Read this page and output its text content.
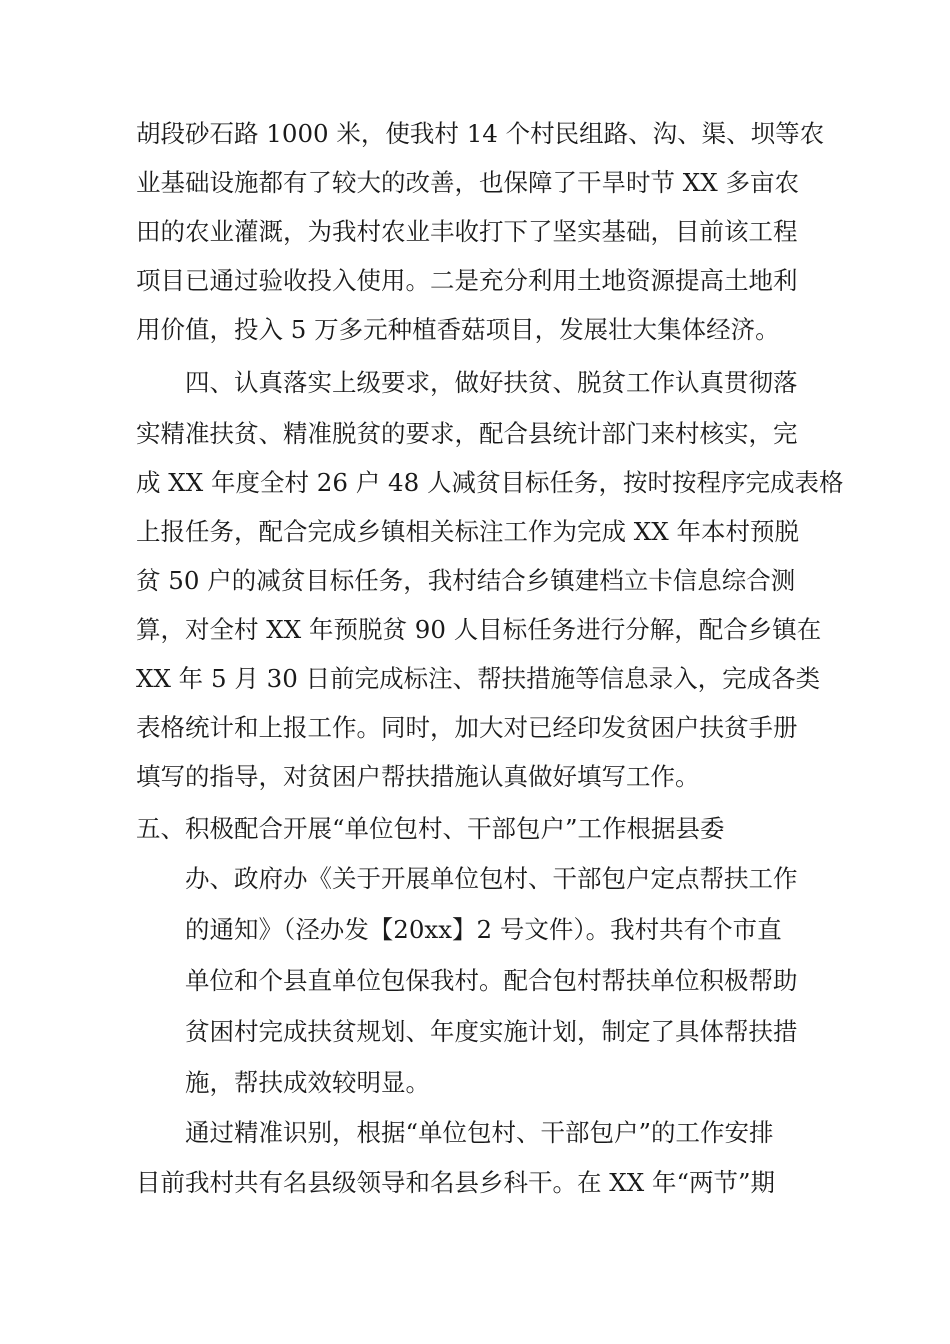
胡段砂石路 1000 米，使我村 14 个村民组路、沟、渠、坝等农
业基础设施都有了较大的改善，也保障了干旱时节 XX 多亩农
田的农业灌溉，为我村农业丰收打下了坚实基础，目前该工程
项目已通过验收投入使用。二是充分利用土地资源提高土地利
用价值，投入 5 万多元种植香菇项目，发展壮大集体经济。
四、认真落实上级要求，做好扶贫、脱贫工作认真贯彻落
实精准扶贫、精准脱贫的要求，配合县统计部门来村核实，完
成 XX 年度全村 26 户 48 人减贫目标任务，按时按程序完成表格
上报任务，配合完成乡镇相关标注工作为完成 XX 年本村预脱
贫 50 户的减贫目标任务，我村结合乡镇建档立卡信息综合测
算，对全村 XX 年预脱贫 90 人目标任务进行分解，配合乡镇在
XX 年 5 月 30 日前完成标注、帮扶措施等信息录入，完成各类
表格统计和上报工作。同时，加大对已经印发贫困户扶贫手册
填写的指导，对贫困户帮扶措施认真做好填写工作。
五、积极配合开展“单位包村、干部包户”工作根据县委
办、政府办《关于开展单位包村、干部包户定点帮扶工作
的通知》（泾办发【20xx】2 号文件）。我村共有个市直
单位和个县直单位包保我村。配合包村帮扶单位积极帮助
贫困村完成扶贫规划、年度实施计划，制定了具体帮扶措
施，帮扶成效较明显。
通过精准识别，根据“单位包村、干部包户”的工作安排
目前我村共有名县级领导和名县乡科干。在 XX 年“两节”期
